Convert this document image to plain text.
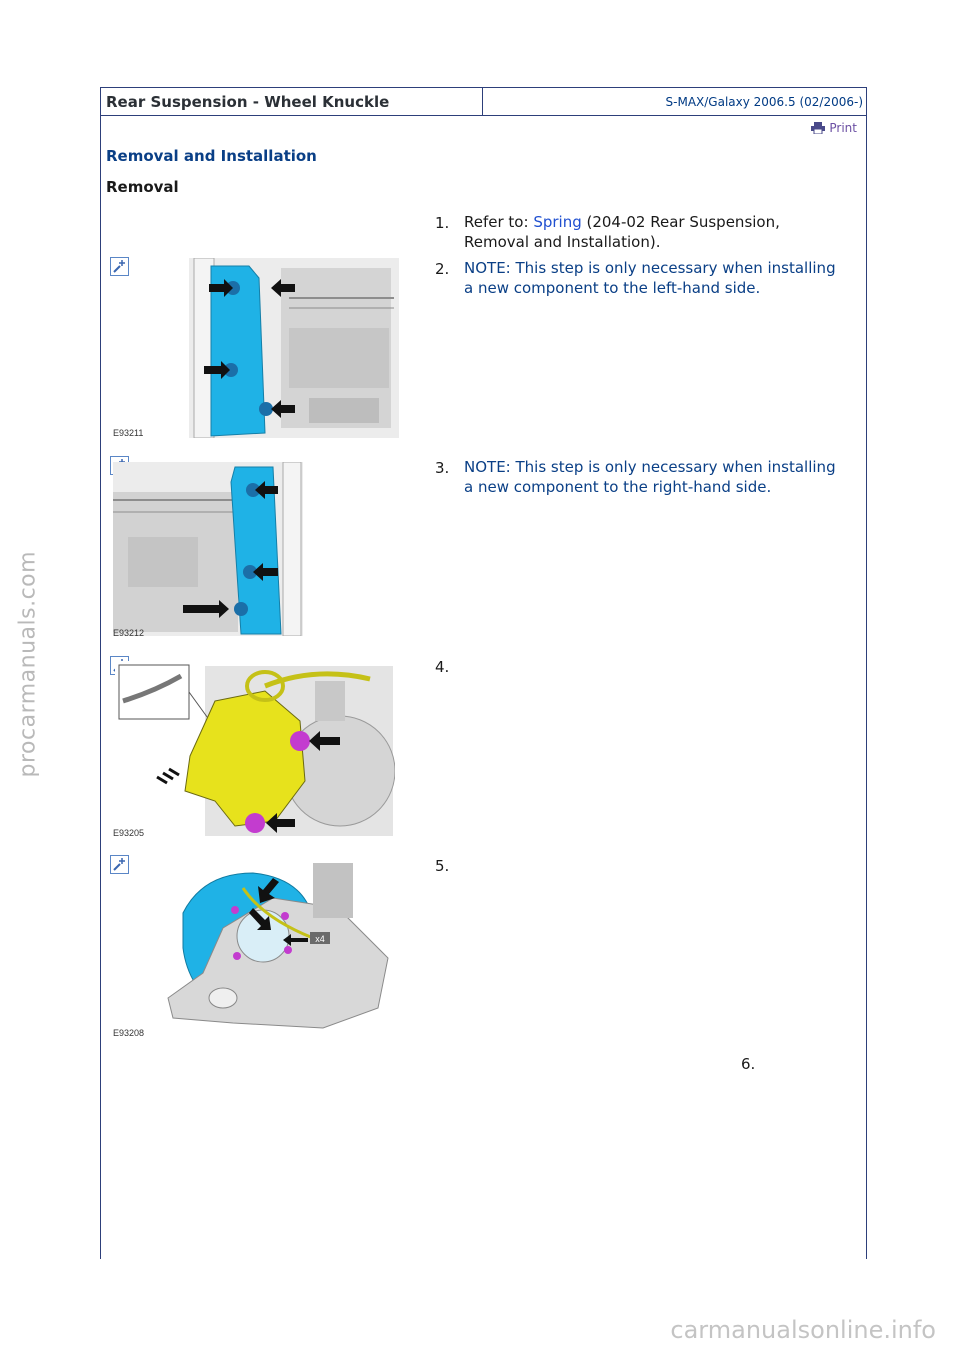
procarmanuals.com
Rear Suspension - Wheel Knuckle	S-MAX/Galaxy 2006.5 (02/2006-)
Print
Removal and Installation
Removal
1. Refer to: Spring (204-02 Rear Suspension, Removal and Installation).
E93211
2. NOTE: This step is only necessary when installing a new component to the left-hand side.
E93212
3. NOTE: This step is only necessary when installing a new component to the right-hand side.
E93205
4.
x4
E93208
5.
6.
carmanualsonline.info
